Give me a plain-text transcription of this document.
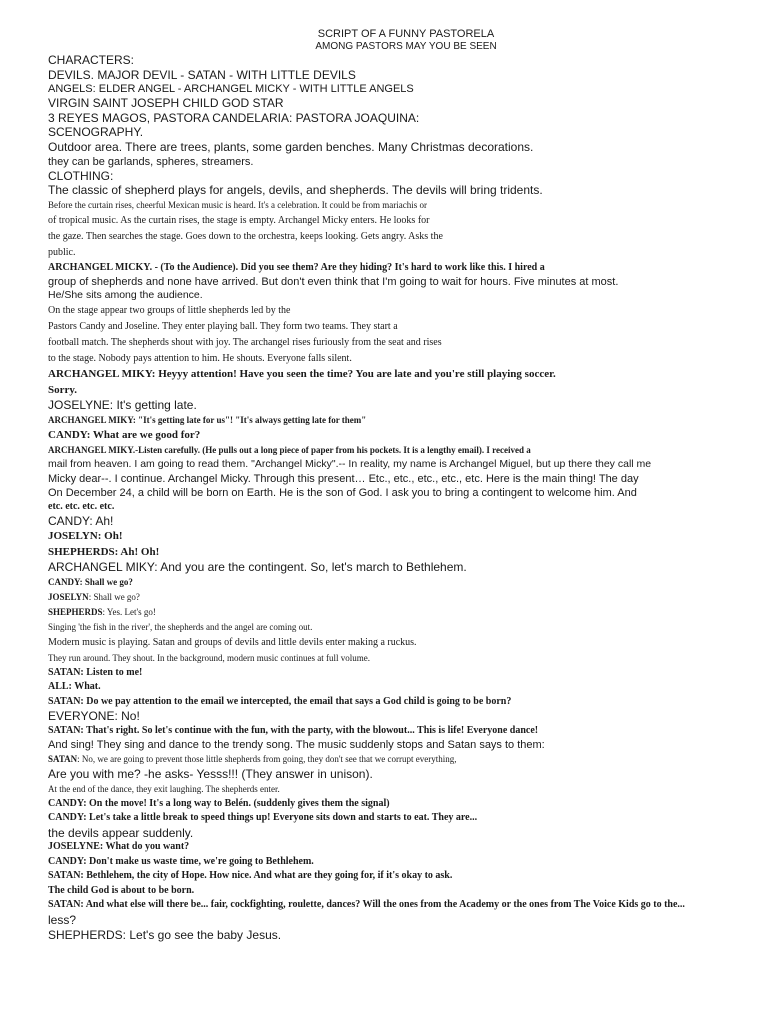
SCRIPT OF A FUNNY PASTORELA

AMONG PASTORS MAY YOU BE SEEN

CHARACTERS:

DEVILS. MAJOR DEVIL - SATAN - WITH LITTLE DEVILS

ANGELS: ELDER ANGEL - ARCHANGEL MICKY - WITH LITTLE ANGELS

VIRGIN SAINT JOSEPH CHILD GOD STAR

3 REYES MAGOS, PASTORA CANDELARIA: PASTORA JOAQUINA:

SCENOGRAPHY.

Outdoor area. There are trees, plants, some garden benches. Many Christmas decorations.

they can be garlands, spheres, streamers.

CLOTHING:

The classic of shepherd plays for angels, devils, and shepherds. The devils will bring tridents.

Before the curtain rises, cheerful Mexican music is heard. It's a celebration. It could be from mariachis or

of tropical music. As the curtain rises, the stage is empty. Archangel Micky enters. He looks for

the gaze. Then searches the stage. Goes down to the orchestra, keeps looking. Gets angry. Asks the

public.

ARCHANGEL MICKY. - (To the Audience). Did you see them? Are they hiding? It's hard to work like this. I hired a

group of shepherds and none have arrived. But don't even think that I'm going to wait for hours. Five minutes at most.

He/She sits among the audience.

On the stage appear two groups of little shepherds led by the

Pastors Candy and Joseline. They enter playing ball. They form two teams. They start a

football match. The shepherds shout with joy. The archangel rises furiously from the seat and rises

to the stage. Nobody pays attention to him. He shouts. Everyone falls silent.

ARCHANGEL MIKY: Heyyy attention! Have you seen the time? You are late and you're still playing soccer.

Sorry.

JOSELYNE: It's getting late.

ARCHANGEL MIKY: "It's getting late for us"! "It's always getting late for them"

CANDY: What are we good for?

ARCHANGEL MIKY.-Listen carefully. (He pulls out a long piece of paper from his pockets. It is a lengthy email). I received a

mail from heaven. I am going to read them. "Archangel Micky".-- In reality, my name is Archangel Miguel, but up there they call me

Micky dear--. I continue. Archangel Micky. Through this present… Etc., etc., etc., etc., etc. Here is the main thing! The day

On December 24, a child will be born on Earth. He is the son of God. I ask you to bring a contingent to welcome him. And

etc. etc. etc. etc.

CANDY: Ah!

JOSELYN: Oh!

SHEPHERDS: Ah! Oh!

ARCHANGEL MIKY: And you are the contingent. So, let's march to Bethlehem.

CANDY: Shall we go?

JOSELYN: Shall we go?

SHEPHERDS: Yes. Let's go!

Singing 'the fish in the river', the shepherds and the angel are coming out.

Modern music is playing. Satan and groups of devils and little devils enter making a ruckus.

They run around. They shout. In the background, modern music continues at full volume.

SATAN: Listen to me!

ALL: What.

SATAN: Do we pay attention to the email we intercepted, the email that says a God child is going to be born?

EVERYONE: No!

SATAN: That's right. So let's continue with the fun, with the party, with the blowout... This is life! Everyone dance!

And sing! They sing and dance to the trendy song. The music suddenly stops and Satan says to them:

SATAN: No, we are going to prevent those little shepherds from going, they don't see that we corrupt everything,

Are you with me? -he asks- Yesss!!! (They answer in unison).

At the end of the dance, they exit laughing. The shepherds enter.

CANDY: On the move! It's a long way to Belén. (suddenly gives them the signal)

CANDY: Let's take a little break to speed things up! Everyone sits down and starts to eat. They are...

the devils appear suddenly.

JOSELYNE: What do you want?

CANDY: Don't make us waste time, we're going to Bethlehem.

SATAN: Bethlehem, the city of Hope. How nice. And what are they going for, if it's okay to ask.

The child God is about to be born.

SATAN: And what else will there be... fair, cockfighting, roulette, dances? Will the ones from the Academy or the ones from The Voice Kids go to the...

less?

SHEPHERDS: Let's go see the baby Jesus.
